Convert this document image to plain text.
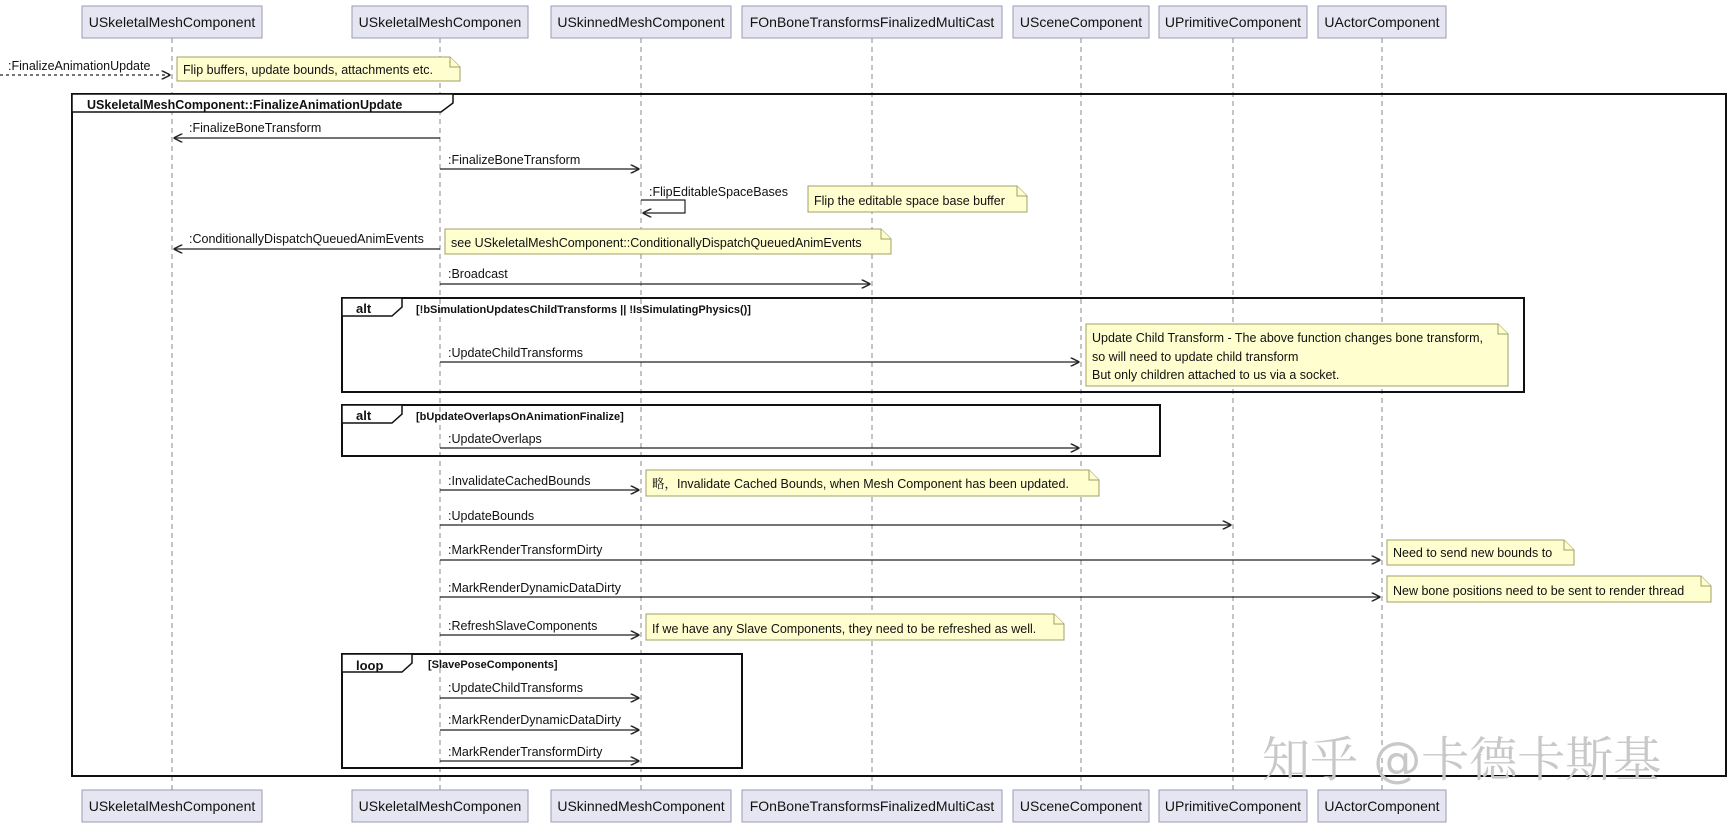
USkeletalMeshComponent	USkeletalMeshComponen	USkinnedMeshComponent FOnBoneTransformsFinalizedMultiCast USceneComponent UPrimitiveComponent UActorComponent
USkeletalMeshComponent	USkeletalMeshComponen	USkinnedMeshComponent FOnBoneTransformsFinalizedMultiCast USceneComponent UPrimitiveComponent UActorComponent
:FinalizeAnimationUpdate	Flip buffers, update bounds, attachments etc.
USkeletalMeshComponent::FinalizeAnimationUpdate
:FinalizeBoneTransform
:FinalizeBoneTransform
:FlipEditableSpaceBases
Flip the editable space base buffer
:ConditionallyDispatchQueuedAnimEvents see USkeletalMeshComponent::ConditionallyDispatchQueuedAnimEvents
:Broadcast
alt	[!bSimulationUpdatesChildTransforms || !IsSimulatingPhysics()]
:UpdateChildTransforms
Update Child Transform - The above function changes bone transform,
so will need to update child transform
But only children attached to us via a socket.
alt	[bUpdateOverlapsOnAnimationFinalize]
:UpdateOverlaps
:InvalidateCachedBounds	略，Invalidate Cached Bounds, when Mesh Component has been updated.
:UpdateBounds
:MarkRenderTransformDirty	Need to send new bounds to
:MarkRenderDynamicDataDirty	New bone positions need to be sent to render thread
:RefreshSlaveComponents	If we have any Slave Components, they need to be refreshed as well.
loop	[SlavePoseComponents]
:UpdateChildTransforms
:MarkRenderDynamicDataDirty
:MarkRenderTransformDirty	知乎 @卡德卡斯基
